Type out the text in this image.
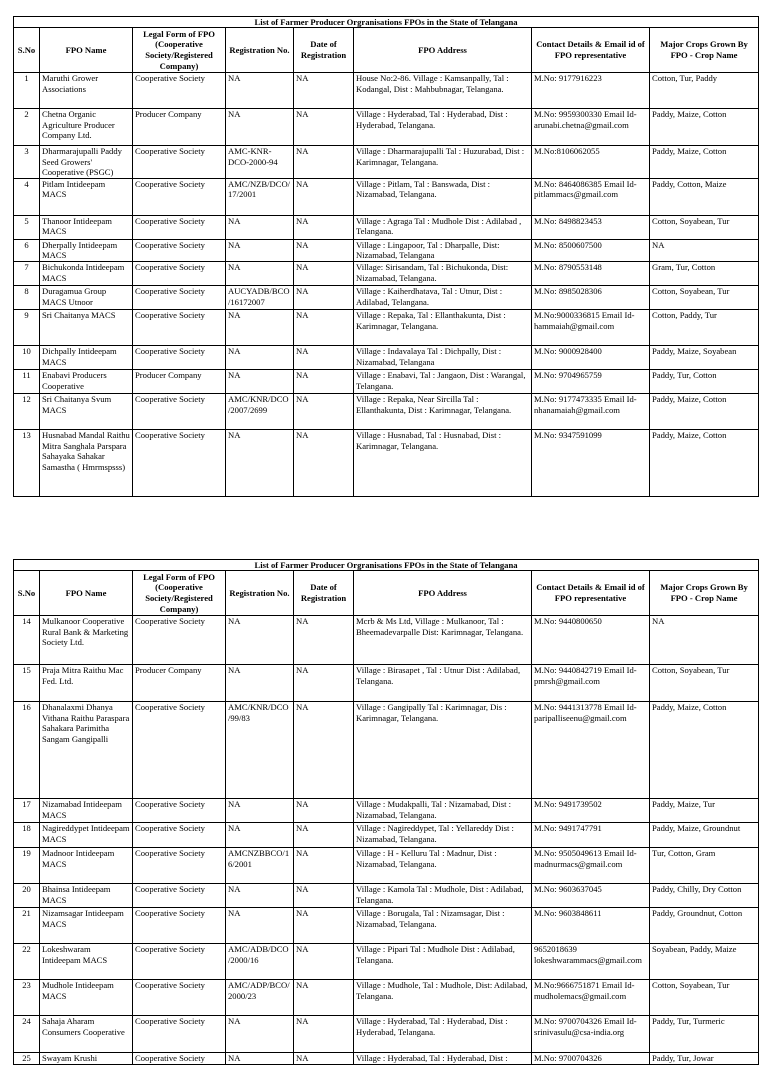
List of Farmer Producer Orgranisations FPOs in the State of Telangana							
S.No	FPO Name	Legal Form of FPO (Cooperative Society/Registered Company)	Registration No.	Date of Registration	FPO Address	Contact Details & Email id of FPO representative	Major Crops Grown By FPO - Crop Name
1	Maruthi Grower Associations	Cooperative Society	NA	NA	House No:2-86. Village : Kamsanpally, Tal : Kodangal, Dist : Mahbubnagar, Telangana.	M.No: 9177916223	Cotton, Tur, Paddy
2	Chetna Organic Agriculture Producer Company Ltd.	Producer Company	NA	NA	Village : Hyderabad, Tal : Hyderabad, Dist : Hyderabad, Telangana.	M.No: 9959300330 Email Id- arunabi.chetna@gmail.com	Paddy, Maize, Cotton
3	Dharmarajupalli Paddy Seed Growers' Cooperative (PSGC)	Cooperative Society	AMC-KNR-DCO-2000-94	NA	Village : Dharmarajupalli Tal : Huzurabad, Dist : Karimnagar, Telangana.	M.No:8106062055	Paddy, Maize, Cotton
4	Pitlam Intideepam MACS	Cooperative Society	AMC/NZB/DCO/17/2001	NA	Village : Pitlam, Tal : Banswada, Dist : Nizamabad, Telangana.	M.No: 8464086385 Email Id- pitlammacs@gmail.com	Paddy, Cotton, Maize
5	Thanoor Intideepam MACS	Cooperative Society	NA	NA	Village : Agraga Tal : Mudhole Dist : Adilabad , Telangana.	M.No: 8498823453	Cotton, Soyabean, Tur
6	Dherpally Intideepam MACS	Cooperative Society	NA	NA	Village : Lingapoor, Tal : Dharpalle, Dist: Nizamabad, Telangana	M.No: 8500607500	NA
7	Bichukonda Intideepam MACS	Cooperative Society	NA	NA	Village: Sirisandam, Tal : Bichukonda, Dist: Nizamabad, Telangana.	M.No: 8790553148	Gram, Tur, Cotton
8	Duragamua Group MACS Utnoor	Cooperative Society	AUCYADB/BCO/16172007	NA	Village : Kaiherdhatava, Tal : Utnur, Dist : Adilabad, Telangana.	M.No: 8985028306	Cotton, Soyabean, Tur
9	Sri Chaitanya MACS	Cooperative Society	NA	NA	Village : Repaka, Tal : Ellanthakunta, Dist : Karimnagar, Telangana.	M.No:9000336815 Email Id- hammaiah@gmail.com	Cotton, Paddy, Tur
10	Dichpally Intideepam MACS	Cooperative Society	NA	NA	Village : Indavalaya Tal : Dichpally, Dist : Nizamabad, Telangana	M.No: 9000928400	Paddy, Maize, Soyabean
11	Enabavi Producers Cooperative	Producer Company	NA	NA	Village : Enabavi, Tal : Jangaon, Dist : Warangal, Telangana.	M.No: 9704965759	Paddy, Tur, Cotton
12	Sri Chaitanya Svum MACS	Cooperative Society	AMC/KNR/DCO/2007/2699	NA	Village : Repaka, Near Sircilla Tal : Ellanthakunta, Dist : Karimnagar, Telangana.	M.No: 9177473335 Email Id- nhanamaiah@gmail.com	Paddy, Maize, Cotton
13	Husnabad Mandal Raithu Mitra Sanghala Parspara Sahayaka Sahakar Samastha ( Hmrmspsss)	Cooperative Society	NA	NA	Village : Husnabad, Tal : Husnabad, Dist : Karimnagar, Telangana.	M.No: 9347591099	Paddy, Maize, Cotton
List of Farmer Producer Orgranisations FPOs in the State of Telangana							
S.No	FPO Name	Legal Form of FPO (Cooperative Society/Registered Company)	Registration No.	Date of Registration	FPO Address	Contact Details & Email id of FPO representative	Major Crops Grown By FPO - Crop Name
14	Mulkanoor Cooperative Rural Bank & Marketing Society Ltd.	Cooperative Society	NA	NA	Mcrb & Ms Ltd, Village : Mulkanoor, Tal : Bheemadevarpalle Dist: Karimnagar, Telangana.	M.No: 9440800650	NA
15	Praja Mitra Raithu Mac Fed. Ltd.	Producer Company	NA	NA	Village : Birasapet , Tal : Utnur Dist : Adilabad, Telangana.	M.No: 9440842719 Email Id- pmrsh@gmail.com	Cotton, Soyabean, Tur
16	Dhanalaxmi Dhanya Vithana Raithu Paraspara Sahakara Parimitha Sangam Gangipalli	Cooperative Society	AMC/KNR/DCO/99/83	NA	Village : Gangipally Tal : Karimnagar, Dis : Karimnagar, Telangana.	M.No: 9441313778 Email Id- paripalliseenu@gmail.com	Paddy, Maize, Cotton
17	Nizamabad Intideepam MACS	Cooperative Society	NA	NA	Village : Mudakpalli, Tal : Nizamabad, Dist : Nizamabad, Telangana.	M.No: 9491739502	Paddy, Maize, Tur
18	Nagireddypet Intideepam MACS	Cooperative Society	NA	NA	Village : Nagireddypet, Tal : Yellareddy Dist : Nizamabad, Telangana.	M.No: 9491747791	Paddy, Maize, Groundnut
19	Madnoor Intideepam MACS	Cooperative Society	AMCNZBBCO/16/2001	NA	Village : H - Kelluru Tal : Madnur, Dist : Nizamabad, Telangana.	M.No: 9505049613 Email Id- madnurmacs@gmail.com	Tur, Cotton, Gram
20	Bhainsa Intideepam MACS	Cooperative Society	NA	NA	Village : Kamola Tal : Mudhole, Dist : Adilabad, Telangana.	M.No: 9603637045	Paddy, Chilly, Dry Cotton
21	Nizamsagar Intideepam MACS	Cooperative Society	NA	NA	Village : Borugala, Tal : Nizamsagar, Dist : Nizamabad, Telangana.	M.No: 9603848611	Paddy, Groundnut, Cotton
22	Lokeshwaram Intideepam MACS	Cooperative Society	AMC/ADB/DCO/2000/16	NA	Village : Pipari Tal : Mudhole Dist : Adilabad, Telangana.	9652018639 lokeshwarammacs@gmail.com	Soyabean, Paddy, Maize
23	Mudhole Intideepam MACS	Cooperative Society	AMC/ADP/BCO/2000/23	NA	Village : Mudhole, Tal : Mudhole, Dist: Adilabad, Telangana.	M.No:9666751871 Email Id- mudholemacs@gmail.com	Cotton, Soyabean, Tur
24	Sahaja Aharam Consumers Cooperative	Cooperative Society	NA	NA	Village : Hyderabad, Tal : Hyderabad, Dist : Hyderabad, Telangana.	M.No: 9700704326 Email Id- srinivasulu@csa-india.org	Paddy, Tur, Turmeric
25	Swayam Krushi	Cooperative Society	NA	NA	Village : Hyderabad, Tal : Hyderabad, Dist :	M.No: 9700704326	Paddy, Tur, Jowar
